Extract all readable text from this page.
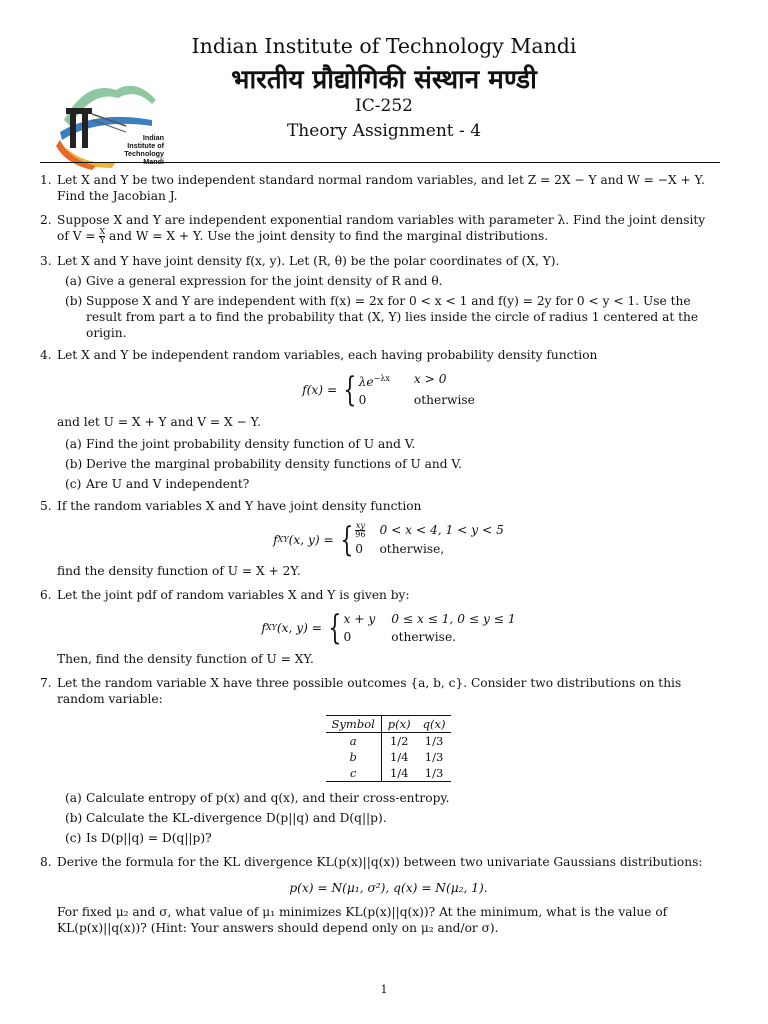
Indian
Institute of
Technology
Mandi
Indian Institute of Technology Mandi
भारतीय प्रौद्योगिकी संस्थान मण्डी
IC-252
Theory Assignment - 4
1. Let X and Y be two independent standard normal random variables, and let Z = 2X − Y and W = −X + Y. Find the Jacobian J.

2. Suppose X and Y are independent exponential random variables with parameter λ. Find the joint density of $V = \frac{X}{Y}$ and W = X + Y. Use the joint density to find the marginal distributions.

3. Let X and Y have joint density f(x, y). Let (R, θ) be the polar coordinates of (X, Y).

(a) Give a general expression for the joint density of R and θ.
(b) Suppose X and Y are independent with f(x) = 2x for 0 < x < 1 and f(y) = 2y for 0 < y < 1. Use the result from part a to find the probability that (X, Y) lies inside the circle of radius 1 centered at the origin.
4. Let X and Y be independent random variables, each having probability density function

f(x) =
{ $\lambda e^{-\lambda x}$ x > 0
0	otherwise

and let U = X + Y and V = X − Y.

(a) Find the joint probability density function of U and V.
(b) Derive the marginal probability density functions of U and V.
(c) Are U and V independent?
5. If the random variables X and Y have joint density function

f XY (x, y) =
{ $\frac{xy}{96} 0 < x < 4$, 1 < y < 5
0 otherwise,

find the density function of U = X + 2Y.

6. Let the joint pdf of random variables X and Y is given by:

f XY (x, y) =
{ x + y 0 ≤ x ≤ 1, 0 ≤ y ≤ 1
0	otherwise.

Then, find the density function of U = XY.

7. Let the random variable X have three possible outcomes {a, b, c}. Consider two distributions on this random variable:

Symbol	p(x)	q(x)
a	1/2	1/3
b	1/4	1/3
c	1/4	1/3
(a) Calculate entropy of p(x) and q(x), and their cross-entropy.
(b) Calculate the KL-divergence D(p||q) and D(q||p).
(c) Is D(p||q) = D(q||p)?
8. Derive the formula for the KL divergence KL(p(x)||q(x)) between two univariate Gaussians distributions:

p(x) = N(μ₁, σ²), q(x) = N(μ₂, 1).

For fixed μ₂ and σ, what value of μ₁ minimizes KL(p(x)||q(x))? At the minimum, what is the value of KL(p(x)||q(x))? (Hint: Your answers should depend only on μ₂ and/or σ).

1
